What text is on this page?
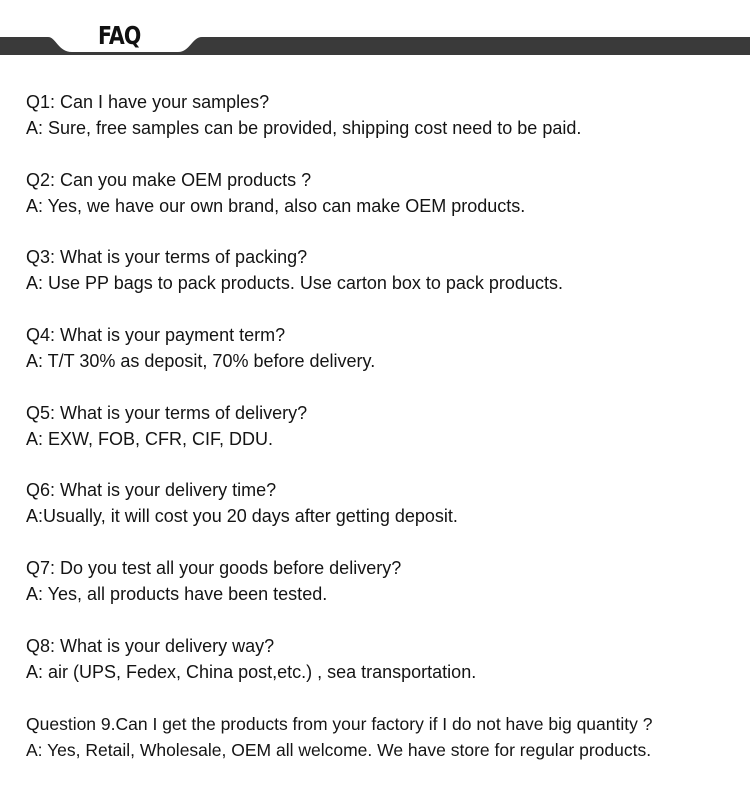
FAQ
Q1: Can I have your samples?
A: Sure, free samples can be provided, shipping cost need to be paid.
Q2: Can you make OEM products ?
A: Yes, we have our own brand, also can make OEM products.
Q3: What is your terms of packing?
A: Use PP bags to pack products. Use carton box to pack products.
Q4: What is your payment term?
A: T/T 30% as deposit, 70% before delivery.
Q5: What is your terms of delivery?
A: EXW, FOB, CFR, CIF, DDU.
Q6: What is your delivery time?
A:Usually, it will cost you 20 days after getting deposit.
Q7: Do you test all your goods before delivery?
A: Yes, all products have been tested.
Q8: What is your delivery way?
A: air (UPS, Fedex, China post,etc.) , sea transportation.
Question 9.Can I get the products from your factory if I do not have big quantity ?
A: Yes, Retail, Wholesale, OEM all welcome. We have store for regular products.
